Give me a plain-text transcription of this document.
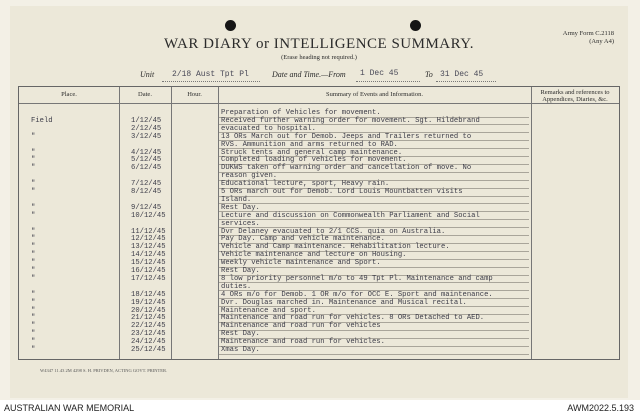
WAR DIARY or INTELLIGENCE SUMMARY.
(Erase heading not required.)
Army Form C.2118
(Any A4)
Unit 2/18 Aust Tpt Pl	Date and Time.—From 1 Dec 45	To 31 Dec 45
Place.	Date.	Hour.	Summary of Events and Information.	Remarks and references to Appendices, Diaries, &c.
Preparation of Vehicles for movement.
Field	1/12/45	Received further warning order for movement. Sgt. Hildebrand
2/12/45	evacuated to hospital.
"	3/12/45	13 ORs March out for Demob. Jeeps and Trailers returned to
RVS. Ammunition and arms returned to RAD.
"	4/12/45	Struck tents and general camp maintenance.
"	5/12/45	Completed loading of vehicles for movement.
"	6/12/45	DUKWS taken off warning order and cancellation of move. No
reason given.
"	7/12/45	Educational lecture, sport, Heavy rain.
"	8/12/45	5 ORs march out for Demob. Lord Louis Mountbatten visits
Island.
"	9/12/45	Rest Day.
"	10/12/45	Lecture and discussion on Commonwealth Parliament and Social
services.
"	11/12/45	Dvr Delaney evacuated to 2/1 CCS. quia on Australia.
"	12/12/45	Pay Day. Camp and vehicle maintenance.
"	13/12/45	Vehicle and Camp maintenance. Rehabilitation lecture.
"	14/12/45	Vehicle maintenance and lecture on Housing.
"	15/12/45	Weekly vehicle maintenance and Sport.
"	16/12/45	Rest Day.
"	17/12/45	8 low priority personnel m/o to 49 Tpt Pl. Maintenance and camp
duties.
"	18/12/45	4 ORs m/o for Demob. 1 OR m/o for OCC E. Sport and maintenance.
"	19/12/45	Dvr. Douglas marched in. Maintenance and Musical recital.
"	20/12/45	Maintenance and sport.
"	21/12/45	Maintenance and road run for vehicles. 8 ORs Detached to AED.
"	22/12/45	Maintenance and road run for vehicles
"	23/12/45	Rest Day.
"	24/12/45	Maintenance and road run for vehicles.
"	25/12/45	Xmas Day.
W4347 11.43 2M 4298 S. H. PRIVDEN, ACTING GOVT. PRINTER.
AUSTRALIAN WAR MEMORIAL	AWM2022.5.193
